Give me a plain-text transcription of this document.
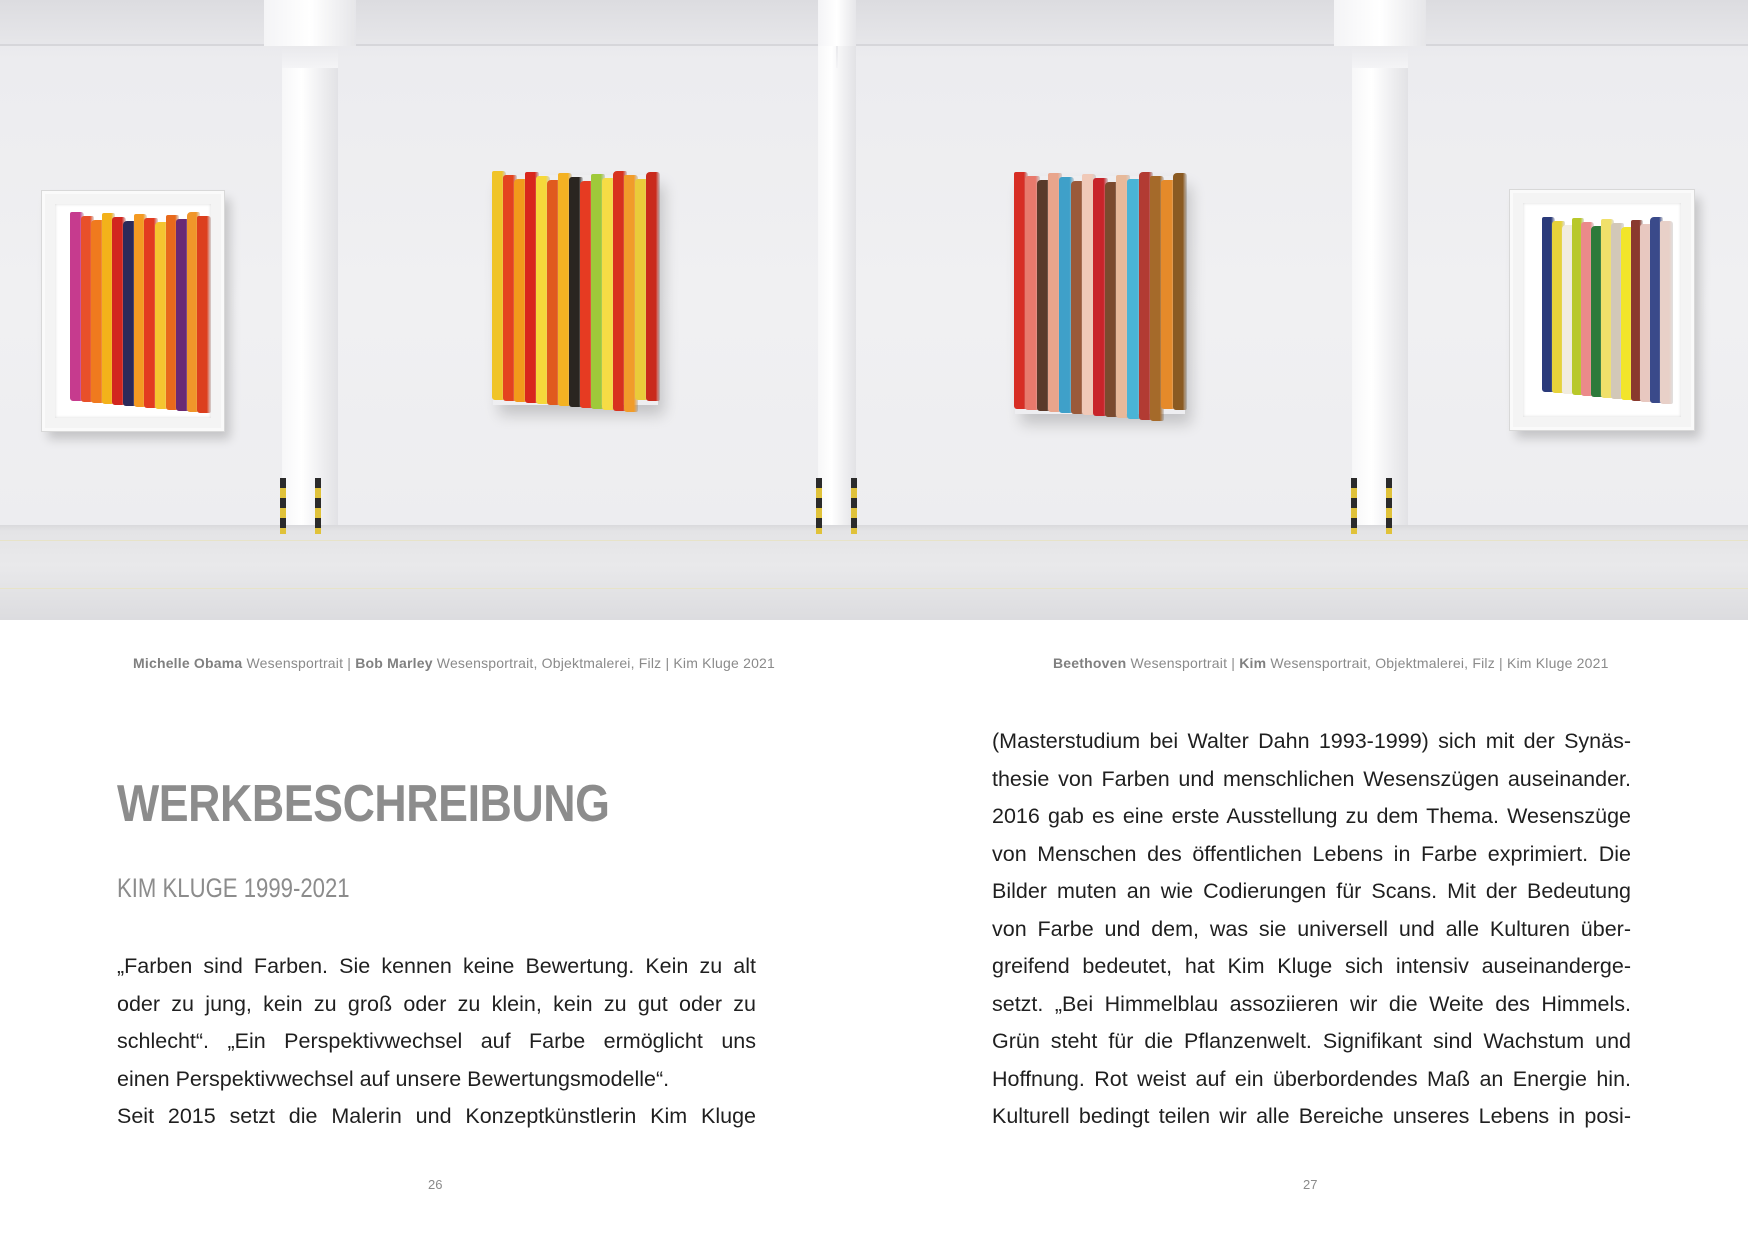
Michelle Obama Wesensportrait | Bob Marley Wesensportrait, Objektmalerei, Filz | Kim Kluge 2021	Beethoven Wesensportrait | Kim Wesensportrait, Objektmalerei, Filz | Kim Kluge 2021
WERKBESCHREIBUNG
KIM KLUGE 1999-2021
„Farben sind Farben. Sie kennen keine Bewertung. Kein zu alt
oder zu jung, kein zu groß oder zu klein, kein zu gut oder zu
schlecht“. „Ein Perspektivwechsel auf Farbe ermöglicht uns
einen Perspektivwechsel auf unsere Bewertungsmodelle“.
Seit 2015 setzt die Malerin und Konzeptkünstlerin Kim Kluge
(Masterstudium bei Walter Dahn 1993-1999) sich mit der Synäs-
thesie von Farben und menschlichen Wesenszügen auseinander.
2016 gab es eine erste Ausstellung zu dem Thema. Wesenszüge
von Menschen des öffentlichen Lebens in Farbe exprimiert. Die
Bilder muten an wie Codierungen für Scans. Mit der Bedeutung
von Farbe und dem, was sie universell und alle Kulturen über-
greifend bedeutet, hat Kim Kluge sich intensiv auseinanderge-
setzt. „Bei Himmelblau assoziieren wir die Weite des Himmels.
Grün steht für die Pflanzenwelt. Signifikant sind Wachstum und
Hoffnung. Rot weist auf ein überbordendes Maß an Energie hin.
Kulturell bedingt teilen wir alle Bereiche unseres Lebens in posi-
26	27
